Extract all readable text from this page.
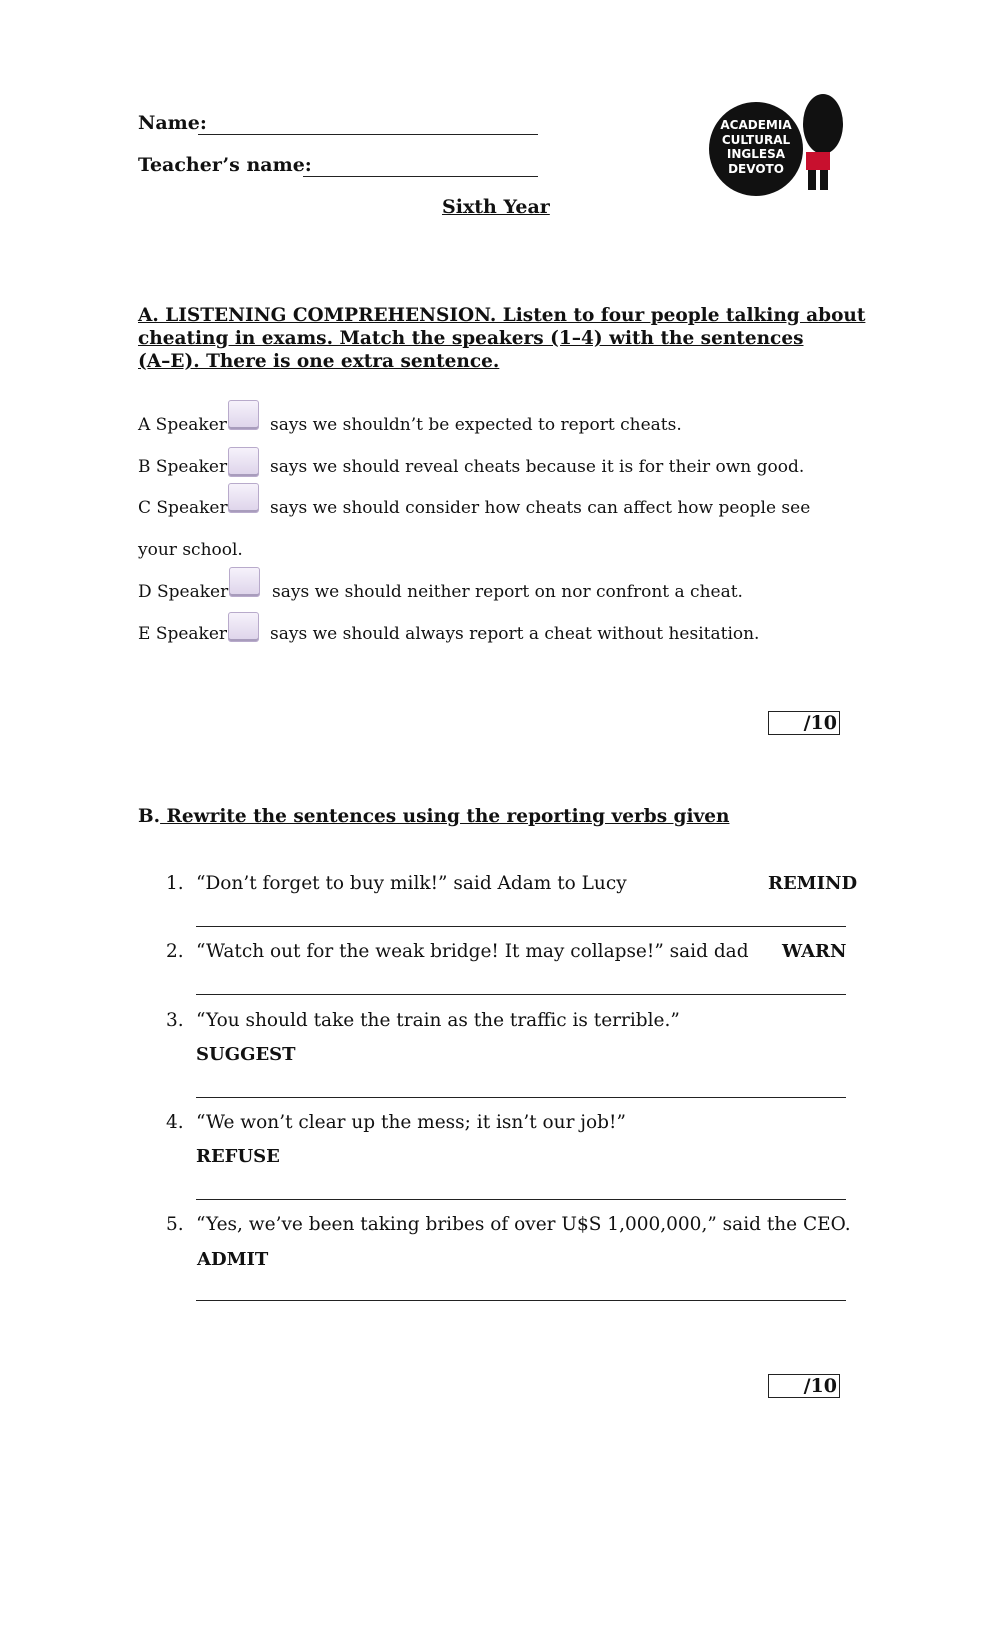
Name:
Teacher’s name:
Sixth Year
ACADEMIA
CULTURAL
INGLESA
DEVOTO
A. LISTENING COMPREHENSION. Listen to four people talking about
cheating in exams. Match the speakers (1–4) with the sentences
(A–E). There is one extra sentence.
A Speaker	says we shouldn’t be expected to report cheats.
B Speaker	says we should reveal cheats because it is for their own good.
C Speaker says we should consider how cheats can affect how people see
your school.
D Speaker	says we should neither report on nor confront a cheat.
E Speaker	says we should always report a cheat without hesitation.
/10
B. Rewrite the sentences using the reporting verbs given
1. “Don’t forget to buy milk!” said Adam to Lucy	REMIND
2. “Watch out for the weak bridge! It may collapse!” said dad WARN
3. “You should take the train as the traffic is terrible.”
SUGGEST
4. “We won’t clear up the mess; it isn’t our job!”
REFUSE
5. “Yes, we’ve been taking bribes of over U$S 1,000,000,” said the CEO.
ADMIT
/10
